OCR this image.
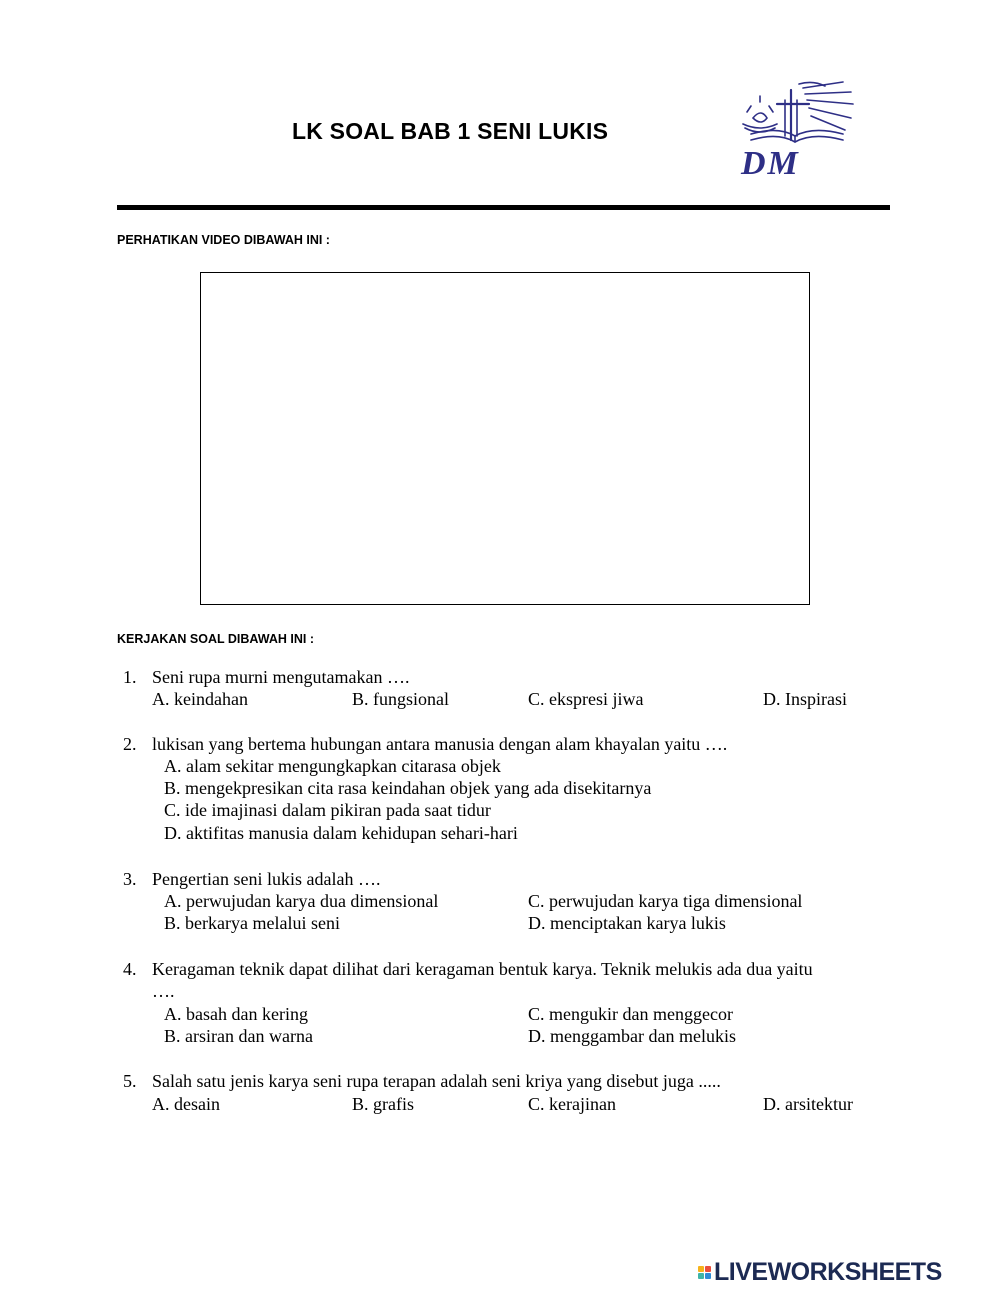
LK SOAL BAB 1 SENI LUKIS
DM
PERHATIKAN VIDEO DIBAWAH INI :
KERJAKAN SOAL DIBAWAH INI :
1. Seni rupa murni mengutamakan ….
A. keindahan	B. fungsional	C. ekspresi jiwa	D. Inspirasi
2. lukisan yang bertema hubungan antara manusia dengan alam khayalan yaitu ….
A. alam sekitar mengungkapkan citarasa objek
B. mengekpresikan cita rasa keindahan objek yang ada disekitarnya
C. ide imajinasi dalam pikiran pada saat tidur
D. aktifitas manusia dalam kehidupan sehari-hari
3. Pengertian seni lukis adalah ….
A. perwujudan karya dua dimensional	C. perwujudan karya tiga dimensional
B. berkarya melalui seni	D. menciptakan karya lukis
4. Keragaman teknik dapat dilihat dari keragaman bentuk karya. Teknik melukis ada dua yaitu
….
A. basah dan kering	C. mengukir dan menggecor
B. arsiran dan warna	D. menggambar dan melukis
5. Salah satu jenis karya seni rupa terapan adalah seni kriya yang disebut juga .....
A. desain	B. grafis	C. kerajinan	D. arsitektur
LIVEWORKSHEETS
